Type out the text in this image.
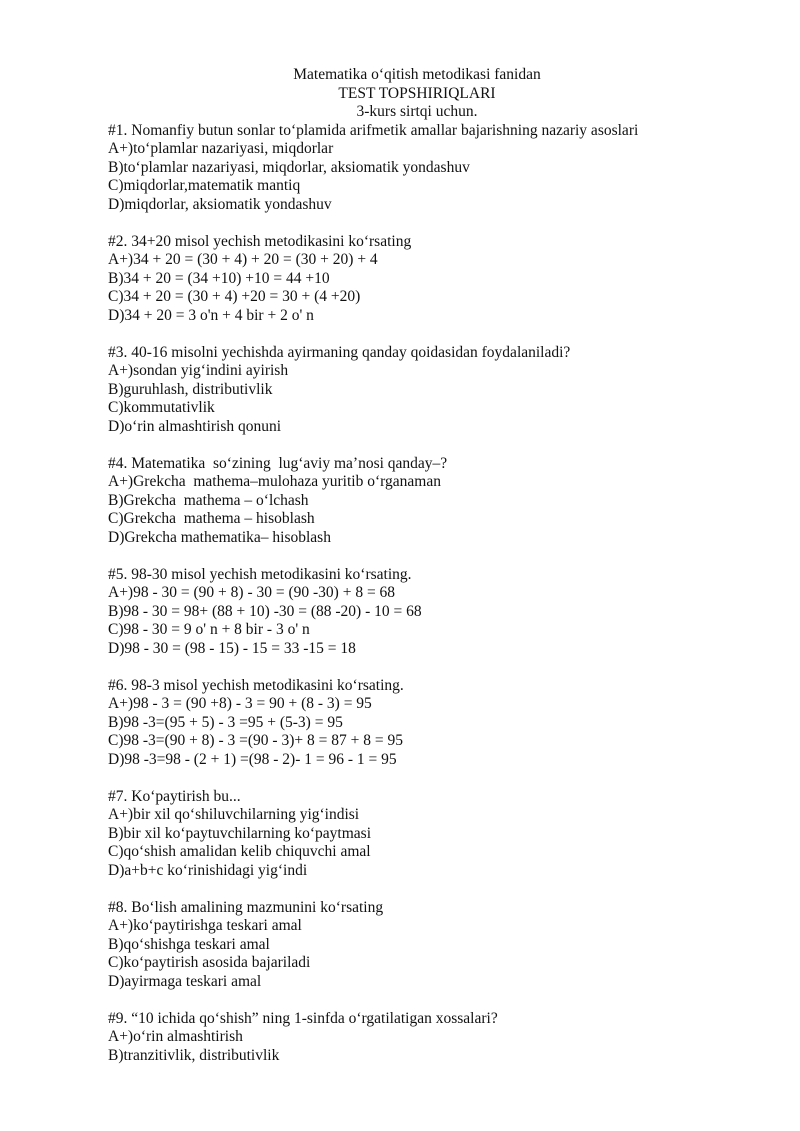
Matematika o‘qitish metodikasi fanidan
TEST TOPSHIRIQLARI
3-kurs sirtqi uchun.
#1. Nomanfiy butun sonlar to‘plamida arifmetik amallar bajarishning nazariy asoslari
A+)to‘plamlar nazariyasi, miqdorlar
B)to‘plamlar nazariyasi, miqdorlar, aksiomatik yondashuv
C)miqdorlar,matematik mantiq
D)miqdorlar, aksiomatik yondashuv
#2. 34+20 misol yechish metodikasini ko‘rsating
A+)34 + 20 = (30 + 4) + 20 = (30 + 20) + 4
B)34 + 20 = (34 +10) +10 = 44 +10
C)34 + 20 = (30 + 4) +20 = 30 + (4 +20)
D)34 + 20 = 3 o'n + 4 bir + 2 o' n
#3. 40-16 misolni yechishda ayirmaning qanday qoidasidan foydalaniladi?
A+)sondan yig‘indini ayirish
B)guruhlash, distributivlik
C)kommutativlik
D)o‘rin almashtirish qonuni
#4. Matematika  so‘zining  lug‘aviy ma’nosi qanday–?
A+)Grekcha  mathema–mulohaza yuritib o‘rganaman
B)Grekcha  mathema – o‘lchash
C)Grekcha  mathema – hisoblash
D)Grekcha mathematika– hisoblash
#5. 98-30 misol yechish metodikasini ko‘rsating.
A+)98 - 30 = (90 + 8) - 30 = (90 -30) + 8 = 68
B)98 - 30 = 98+ (88 + 10) -30 = (88 -20) - 10 = 68
C)98 - 30 = 9 o' n + 8 bir - 3 o' n
D)98 - 30 = (98 - 15) - 15 = 33 -15 = 18
#6. 98-3 misol yechish metodikasini ko‘rsating.
A+)98 - 3 = (90 +8) - 3 = 90 + (8 - 3) = 95
B)98 -3=(95 + 5) - 3 =95 + (5-3) = 95
C)98 -3=(90 + 8) - 3 =(90 - 3)+ 8 = 87 + 8 = 95
D)98 -3=98 - (2 + 1) =(98 - 2)- 1 = 96 - 1 = 95
#7. Ko‘paytirish bu...
A+)bir xil qo‘shiluvchilarning yig‘indisi
B)bir xil ko‘paytuvchilarning ko‘paytmasi
C)qo‘shish amalidan kelib chiquvchi amal
D)a+b+c ko‘rinishidagi yig‘indi
#8. Bo‘lish amalining mazmunini ko‘rsating
A+)ko‘paytirishga teskari amal
B)qo‘shishga teskari amal
C)ko‘paytirish asosida bajariladi
D)ayirmaga teskari amal
#9. “10 ichida qo‘shish” ning 1-sinfda o‘rgatilatigan xossalari?
A+)o‘rin almashtirish
B)tranzitivlik, distributivlik
